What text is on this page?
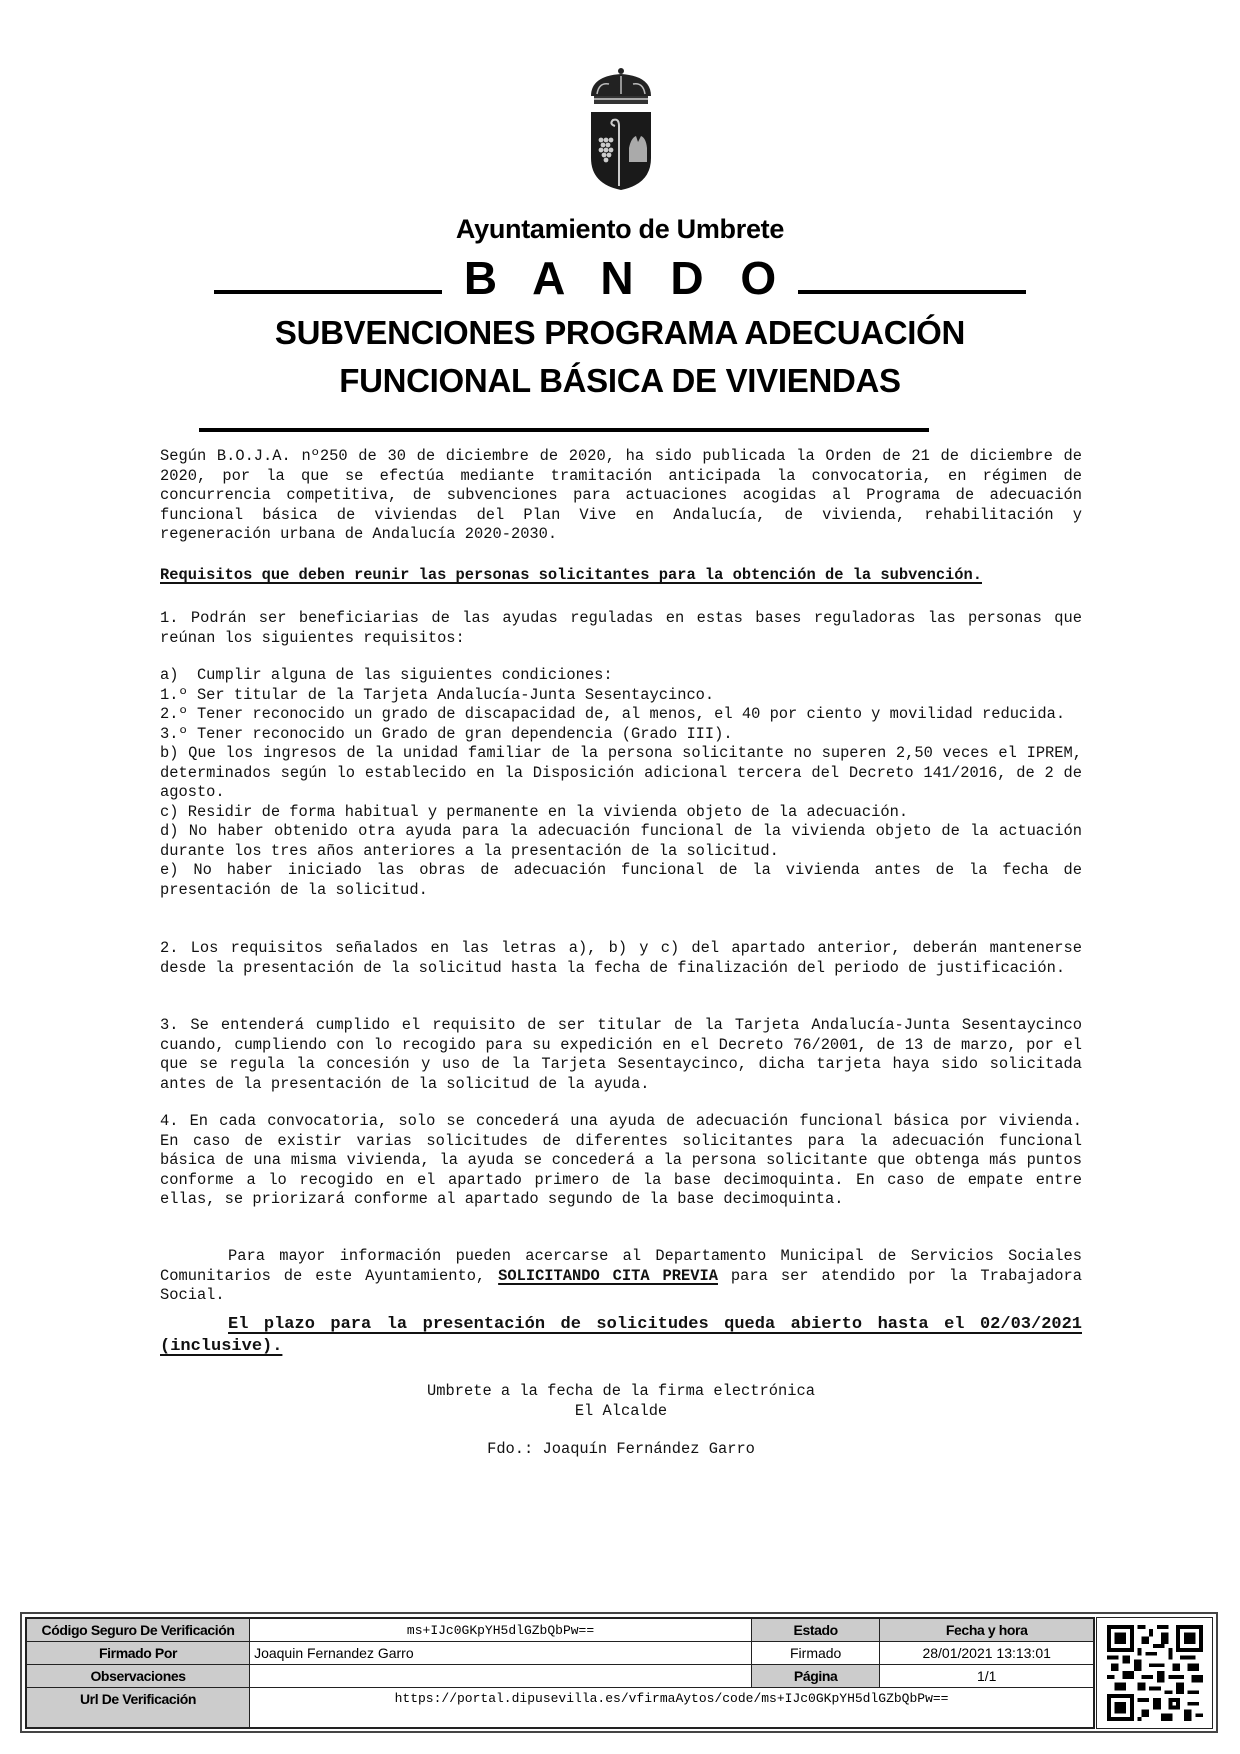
Ayuntamiento de Umbrete
B A N D O
SUBVENCIONES PROGRAMA ADECUACIÓN
FUNCIONAL BÁSICA DE VIVIENDAS

Según B.O.J.A. nº250 de 30 de diciembre de 2020, ha sido publicada la Orden de 21 de diciembre de 2020, por la que se efectúa mediante tramitación anticipada la convocatoria, en régimen de concurrencia competitiva, de subvenciones para actuaciones acogidas al Programa de adecuación funcional básica de viviendas del Plan Vive en Andalucía, de vivienda, rehabilitación y regeneración urbana de Andalucía 2020-2030.

Requisitos que deben reunir las personas solicitantes para la obtención de la subvención.

1. Podrán ser beneficiarias de las ayudas reguladas en estas bases reguladoras las personas que reúnan los siguientes requisitos:

a)  Cumplir alguna de las siguientes condiciones:

1.º Ser titular de la Tarjeta Andalucía-Junta Sesentaycinco.

2.º Tener reconocido un grado de discapacidad de, al menos, el 40 por ciento y movilidad reducida.

3.º Tener reconocido un Grado de gran dependencia (Grado III).

b) Que los ingresos de la unidad familiar de la persona solicitante no superen 2,50 veces el IPREM, determinados según lo establecido en la Disposición adicional tercera del Decreto 141/2016, de 2 de agosto.

c) Residir de forma habitual y permanente en la vivienda objeto de la adecuación.

d) No haber obtenido otra ayuda para la adecuación funcional de la vivienda objeto de la actuación durante los tres años anteriores a la presentación de la solicitud.

e) No haber iniciado las obras de adecuación funcional de la vivienda antes de la fecha de presentación de la solicitud.

2. Los requisitos señalados en las letras a), b) y c) del apartado anterior, deberán mantenerse desde la presentación de la solicitud hasta la fecha de finalización del periodo de justificación.

3. Se entenderá cumplido el requisito de ser titular de la Tarjeta Andalucía-Junta Sesentaycinco cuando, cumpliendo con lo recogido para su expedición en el Decreto 76/2001, de 13 de marzo, por el que se regula la concesión y uso de la Tarjeta Sesentaycinco, dicha tarjeta haya sido solicitada antes de la presentación de la solicitud de la ayuda.

4. En cada convocatoria, solo se concederá una ayuda de adecuación funcional básica por vivienda. En caso de existir varias solicitudes de diferentes solicitantes para la adecuación funcional básica de una misma vivienda, la ayuda se concederá a la persona solicitante que obtenga más puntos conforme a lo recogido en el apartado primero de la base decimoquinta. En caso de empate entre ellas, se priorizará conforme al apartado segundo de la base decimoquinta.

Para mayor información pueden acercarse al Departamento Municipal de Servicios Sociales Comunitarios de este Ayuntamiento, SOLICITANDO CITA PREVIA para ser atendido por la Trabajadora Social.

El plazo para la presentación de solicitudes queda abierto hasta el 02/03/2021 (inclusive).

Umbrete a la fecha de la firma electrónica
El Alcalde
Fdo.: Joaquín Fernández Garro
Código Seguro De Verificación	ms+IJc0GKpYH5dlGZbQbPw==	Estado	Fecha y hora
Firmado Por	Joaquin Fernandez Garro	Firmado	28/01/2021 13:13:01
Observaciones		Página	1/1
Url De Verificación	https://portal.dipusevilla.es/vfirmaAytos/code/ms+IJc0GKpYH5dlGZbQbPw==		
